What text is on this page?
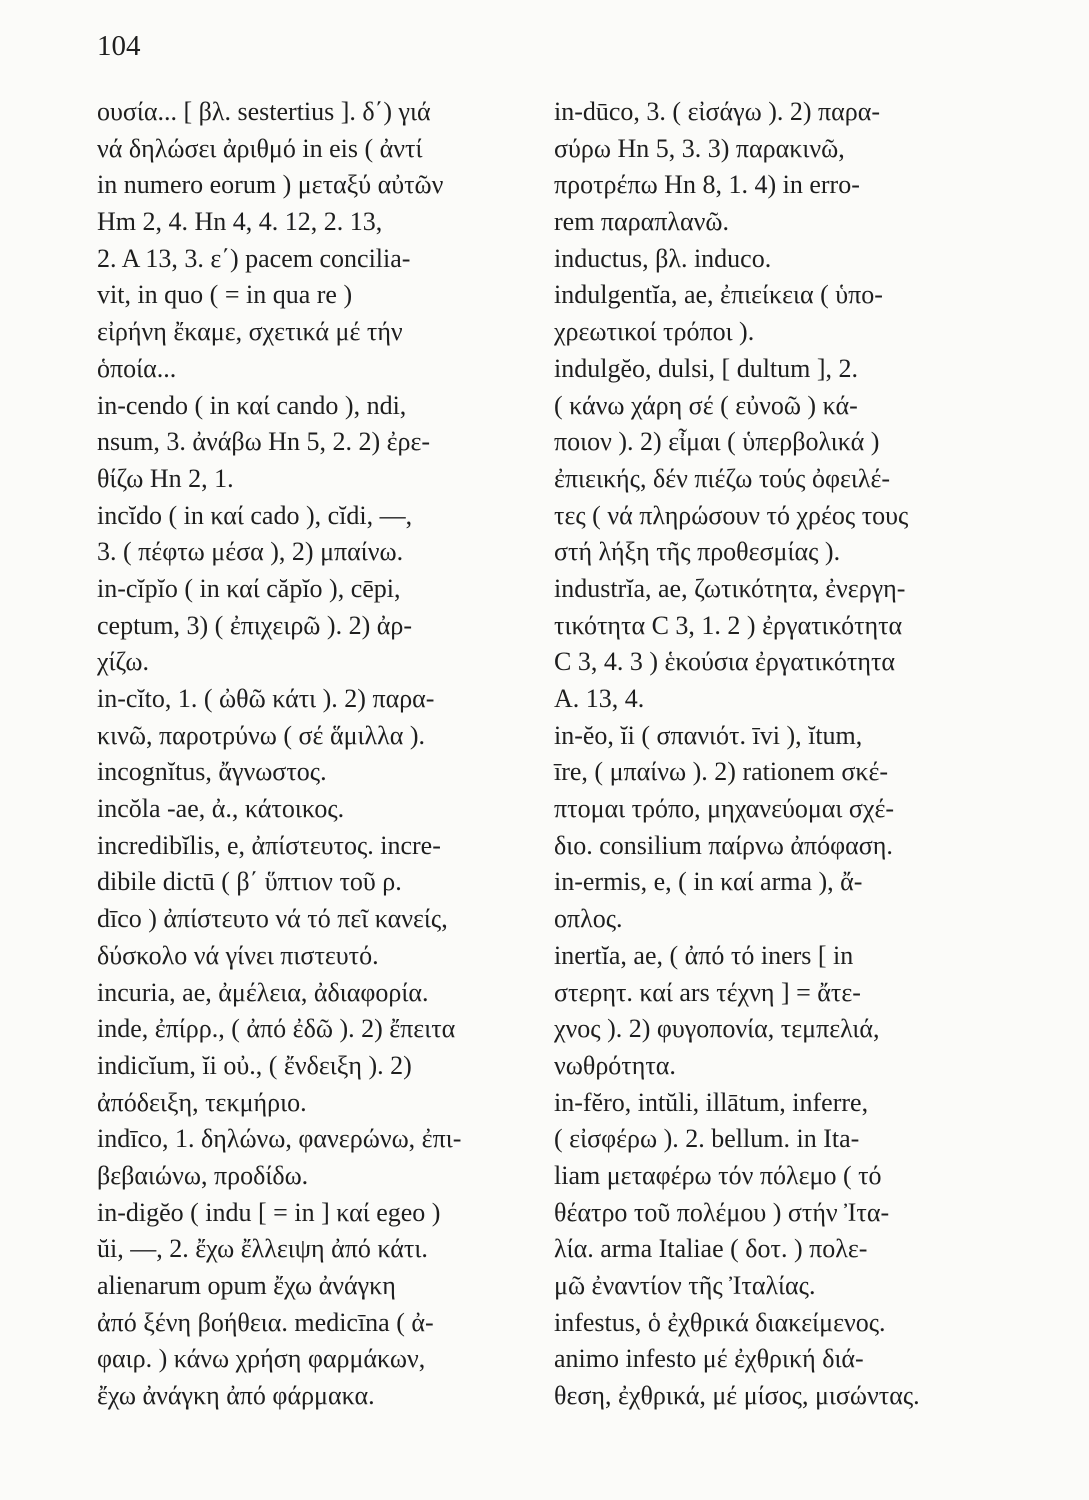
104
ουσία... [ βλ. sestertius ]. δ΄) γιά
νά δηλώσει ἀριθμό in eis ( ἀντί
in numero eorum ) μεταξύ αὐτῶν
Hm 2, 4. Hn 4, 4. 12, 2. 13,
2. A 13, 3. ε΄) pacem concilia-
vit, in quo ( = in qua re )
εἰρήνη ἔκαμε, σχετικά μέ τήν
ὁποία...
in-cendo ( in καί cando ), ndi,
nsum, 3. ἀνάβω Hn 5, 2. 2) ἐρε-
θίζω Hn 2, 1.
incĭdo ( in καί cado ), cĭdi, —,
3. ( πέφτω μέσα ), 2) μπαίνω.
in-cĭpĭo ( in καί căpĭo ), cēpi,
ceptum, 3) ( ἐπιχειρῶ ). 2) ἀρ-
χίζω.
in-cĭto, 1. ( ὠθῶ κάτι ). 2) παρα-
κινῶ, παροτρύνω ( σέ ἅμιλλα ).
incognĭtus, ἄγνωστος.
incŏla -ae, ἀ., κάτοικος.
incredibĭlis, e, ἀπίστευτος. incre-
dibile dictū ( β΄ ὕπτιον τοῦ ρ.
dīco ) ἀπίστευτο νά τό πεῖ κανείς,
δύσκολο νά γίνει πιστευτό.
incuria, ae, ἀμέλεια, ἀδιαφορία.
inde, ἐπίρρ., ( ἀπό ἐδῶ ). 2) ἔπειτα
indicĭum, ĭi οὐ., ( ἔνδειξη ). 2)
ἀπόδειξη, τεκμήριο.
indīco, 1. δηλώνω, φανερώνω, ἐπι-
βεβαιώνω, προδίδω.
in-digĕo ( indu [ = in ] καί egeo )
ŭi, —, 2. ἔχω ἔλλειψη ἀπό κάτι.
alienarum opum ἔχω ἀνάγκη
ἀπό ξένη βοήθεια. medicīna ( ἀ-
φαιρ. ) κάνω χρήση φαρμάκων,
ἔχω ἀνάγκη ἀπό φάρμακα.
in-dūco, 3. ( εἰσάγω ). 2) παρα-
σύρω Hn 5, 3. 3) παρακινῶ,
προτρέπω Hn 8, 1. 4) in erro-
rem παραπλανῶ.
inductus, βλ. induco.
indulgentĭa, ae, ἐπιείκεια ( ὑπο-
χρεωτικοί τρόποι ).
indulgĕo, dulsi, [ dultum ], 2.
( κάνω χάρη σέ ( εὐνοῶ ) κά-
ποιον ). 2) εἶμαι ( ὑπερβολικά )
ἐπιεικής, δέν πιέζω τούς ὀφειλέ-
τες ( νά πληρώσουν τό χρέος τους
στή λήξη τῆς προθεσμίας ).
industrĭa, ae, ζωτικότητα, ἐνεργη-
τικότητα C 3, 1. 2 ) ἐργατικότητα
C 3, 4. 3 ) ἑκούσια ἐργατικότητα
A. 13, 4.
in-ĕo, ĭi ( σπανιότ. īvi ), ĭtum,
īre, ( μπαίνω ). 2) rationem σκέ-
πτομαι τρόπο, μηχανεύομαι σχέ-
διο. consilium παίρνω ἀπόφαση.
in-ermis, e, ( in καί arma ), ἄ-
οπλος.
inertĭa, ae, ( ἀπό τό iners [ in
στερητ. καί ars τέχνη ] = ἄτε-
χνος ). 2) φυγοπονία, τεμπελιά,
νωθρότητα.
in-fĕro, intŭli, illātum, inferre,
( εἰσφέρω ). 2. bellum. in Ita-
liam μεταφέρω τόν πόλεμο ( τό
θέατρο τοῦ πολέμου ) στήν Ἰτα-
λία. arma Italiae ( δοτ. ) πολε-
μῶ ἐναντίον τῆς Ἰταλίας.
infestus, ὁ ἐχθρικά διακείμενος.
animo infesto μέ ἐχθρική διά-
θεση, ἐχθρικά, μέ μίσος, μισώντας.
